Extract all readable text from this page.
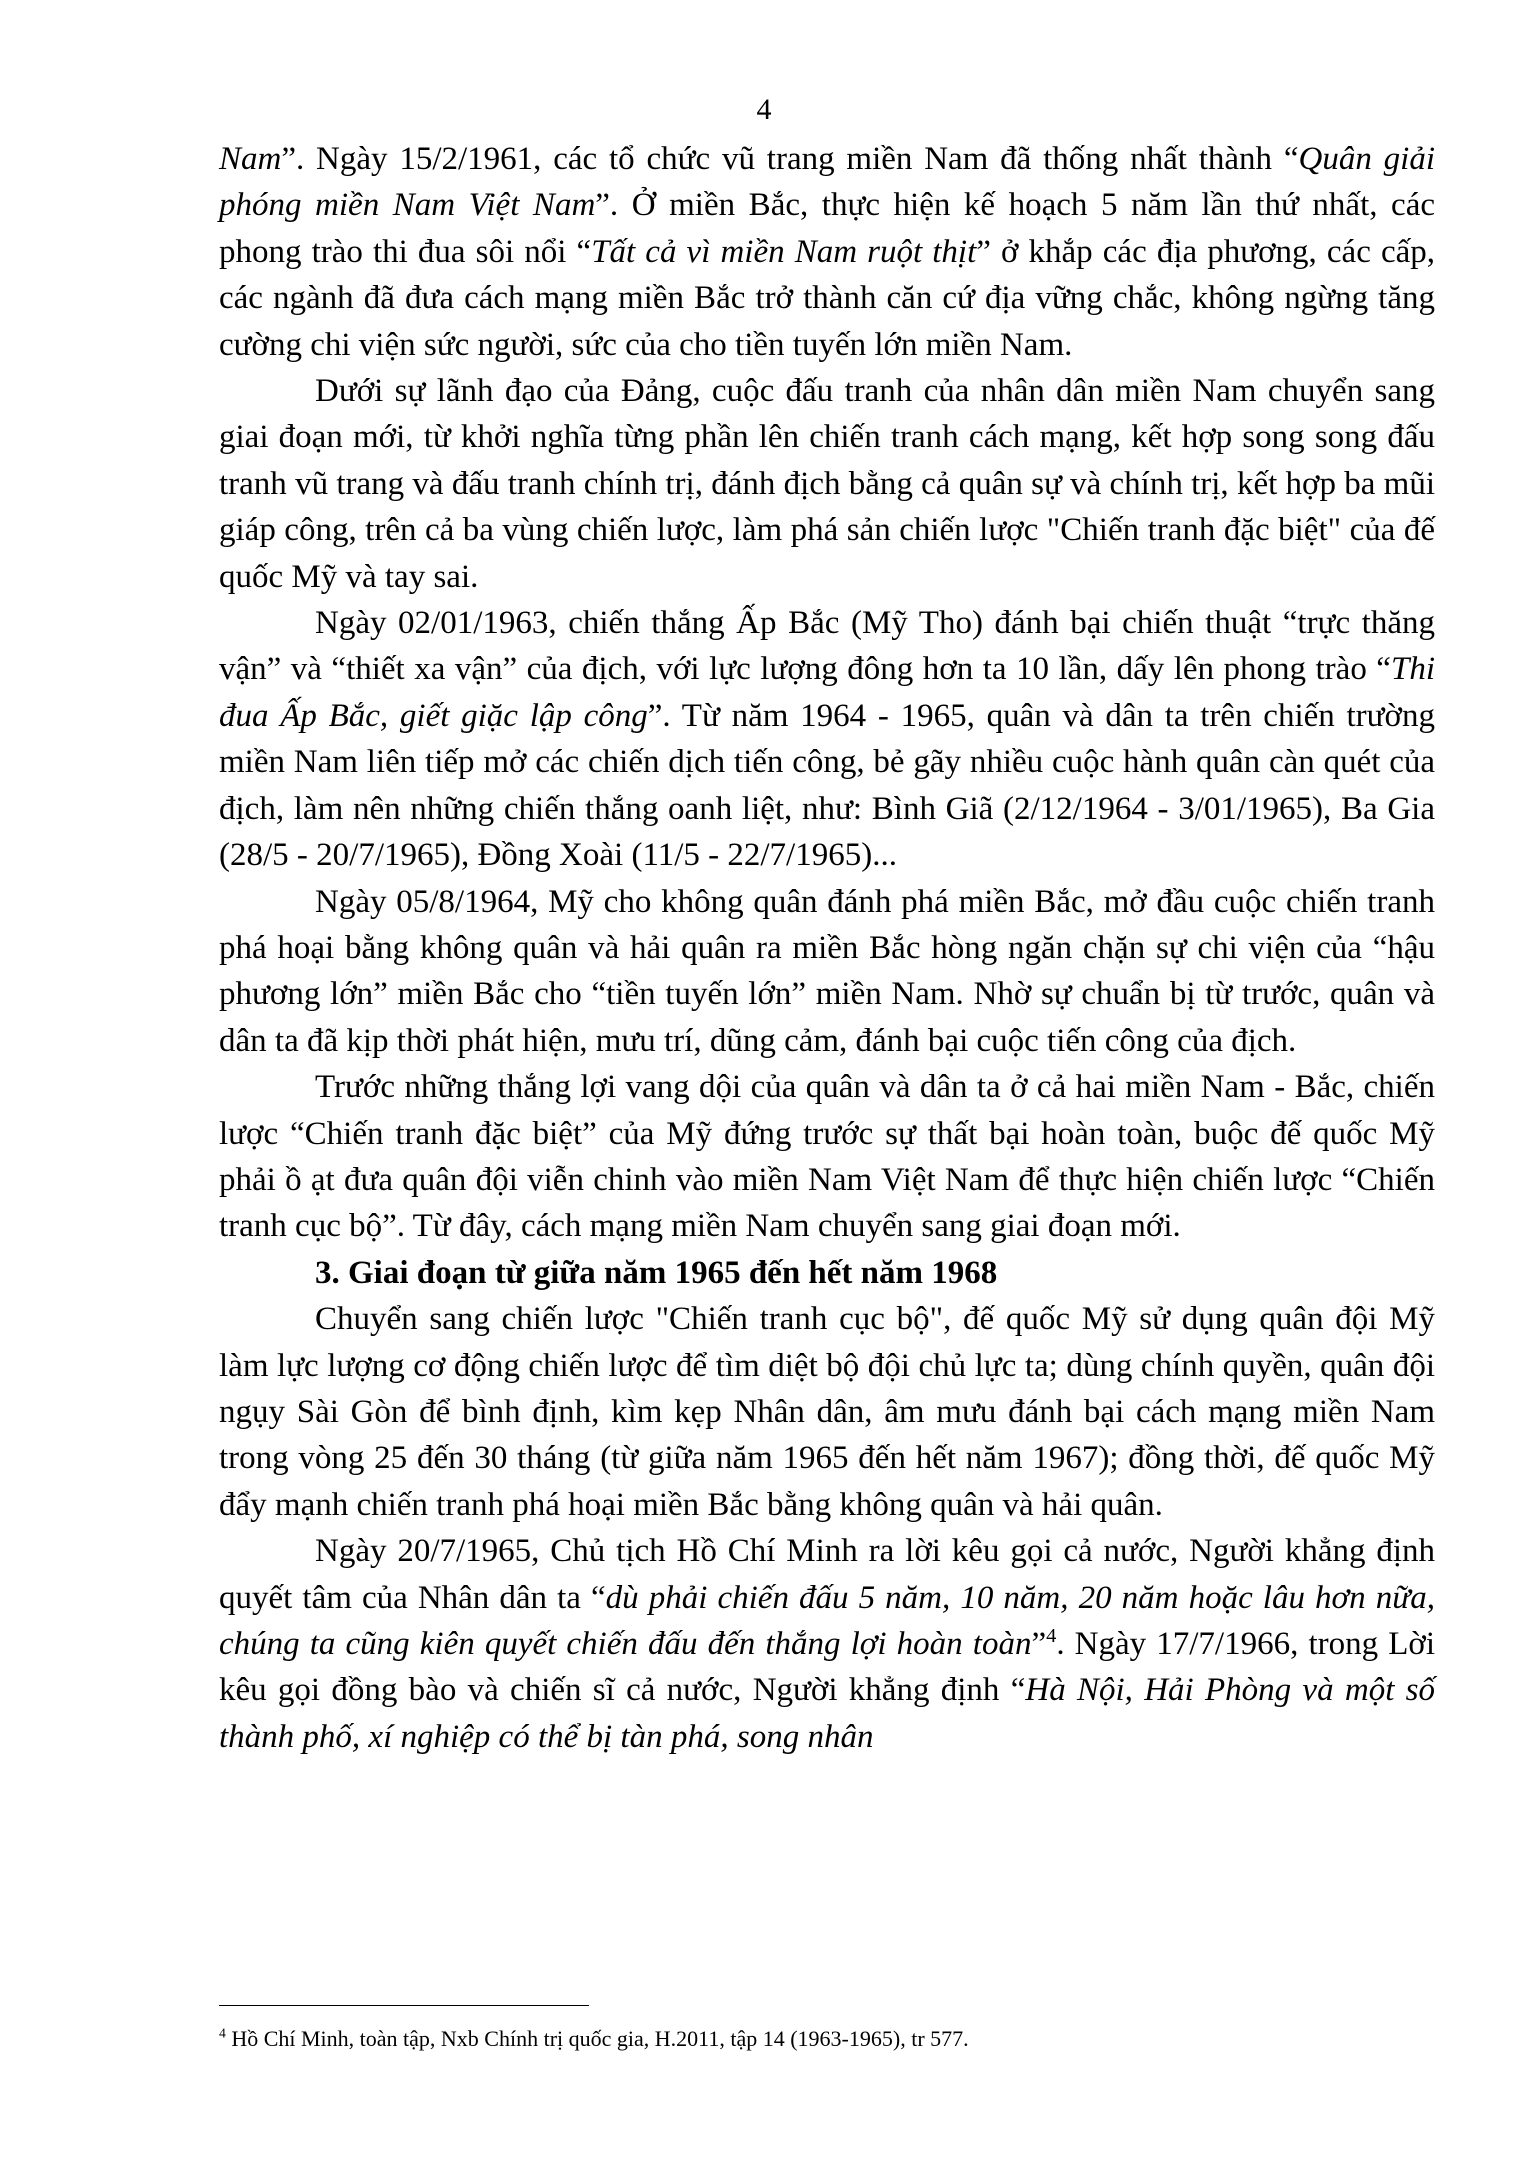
4

Nam”. Ngày 15/2/1961, các tổ chức vũ trang miền Nam đã thống nhất thành “Quân giải phóng miền Nam Việt Nam”. Ở miền Bắc, thực hiện kế hoạch 5 năm lần thứ nhất, các phong trào thi đua sôi nổi “Tất cả vì miền Nam ruột thịt” ở khắp các địa phương, các cấp, các ngành đã đưa cách mạng miền Bắc trở thành căn cứ địa vững chắc, không ngừng tăng cường chi viện sức người, sức của cho tiền tuyến lớn miền Nam.

Dưới sự lãnh đạo của Đảng, cuộc đấu tranh của nhân dân miền Nam chuyển sang giai đoạn mới, từ khởi nghĩa từng phần lên chiến tranh cách mạng, kết hợp song song đấu tranh vũ trang và đấu tranh chính trị, đánh địch bằng cả quân sự và chính trị, kết hợp ba mũi giáp công, trên cả ba vùng chiến lược, làm phá sản chiến lược "Chiến tranh đặc biệt" của đế quốc Mỹ và tay sai.

Ngày 02/01/1963, chiến thắng Ấp Bắc (Mỹ Tho) đánh bại chiến thuật “trực thăng vận” và “thiết xa vận” của địch, với lực lượng đông hơn ta 10 lần, dấy lên phong trào “Thi đua Ấp Bắc, giết giặc lập công”. Từ năm 1964 - 1965, quân và dân ta trên chiến trường miền Nam liên tiếp mở các chiến dịch tiến công, bẻ gãy nhiều cuộc hành quân càn quét của địch, làm nên những chiến thắng oanh liệt, như: Bình Giã (2/12/1964 - 3/01/1965), Ba Gia (28/5 - 20/7/1965), Đồng Xoài (11/5 - 22/7/1965)...

Ngày 05/8/1964, Mỹ cho không quân đánh phá miền Bắc, mở đầu cuộc chiến tranh phá hoại bằng không quân và hải quân ra miền Bắc hòng ngăn chặn sự chi viện của “hậu phương lớn” miền Bắc cho “tiền tuyến lớn” miền Nam. Nhờ sự chuẩn bị từ trước, quân và dân ta đã kịp thời phát hiện, mưu trí, dũng cảm, đánh bại cuộc tiến công của địch.

Trước những thắng lợi vang dội của quân và dân ta ở cả hai miền Nam - Bắc, chiến lược “Chiến tranh đặc biệt” của Mỹ đứng trước sự thất bại hoàn toàn, buộc đế quốc Mỹ phải ồ ạt đưa quân đội viễn chinh vào miền Nam Việt Nam để thực hiện chiến lược “Chiến tranh cục bộ”. Từ đây, cách mạng miền Nam chuyển sang giai đoạn mới.

3. Giai đoạn từ giữa năm 1965 đến hết năm 1968

Chuyển sang chiến lược "Chiến tranh cục bộ", đế quốc Mỹ sử dụng quân đội Mỹ làm lực lượng cơ động chiến lược để tìm diệt bộ đội chủ lực ta; dùng chính quyền, quân đội ngụy Sài Gòn để bình định, kìm kẹp Nhân dân, âm mưu đánh bại cách mạng miền Nam trong vòng 25 đến 30 tháng (từ giữa năm 1965 đến hết năm 1967); đồng thời, đế quốc Mỹ đẩy mạnh chiến tranh phá hoại miền Bắc bằng không quân và hải quân.

Ngày 20/7/1965, Chủ tịch Hồ Chí Minh ra lời kêu gọi cả nước, Người khẳng định quyết tâm của Nhân dân ta “dù phải chiến đấu 5 năm, 10 năm, 20 năm hoặc lâu hơn nữa, chúng ta cũng kiên quyết chiến đấu đến thắng lợi hoàn toàn”$^4$. Ngày 17/7/1966, trong Lời kêu gọi đồng bào và chiến sĩ cả nước, Người khẳng định “Hà Nội, Hải Phòng và một số thành phố, xí nghiệp có thể bị tàn phá, song nhân

$^4$ Hồ Chí Minh, toàn tập, Nxb Chính trị quốc gia, H.2011, tập 14 (1963-1965), tr 577.
